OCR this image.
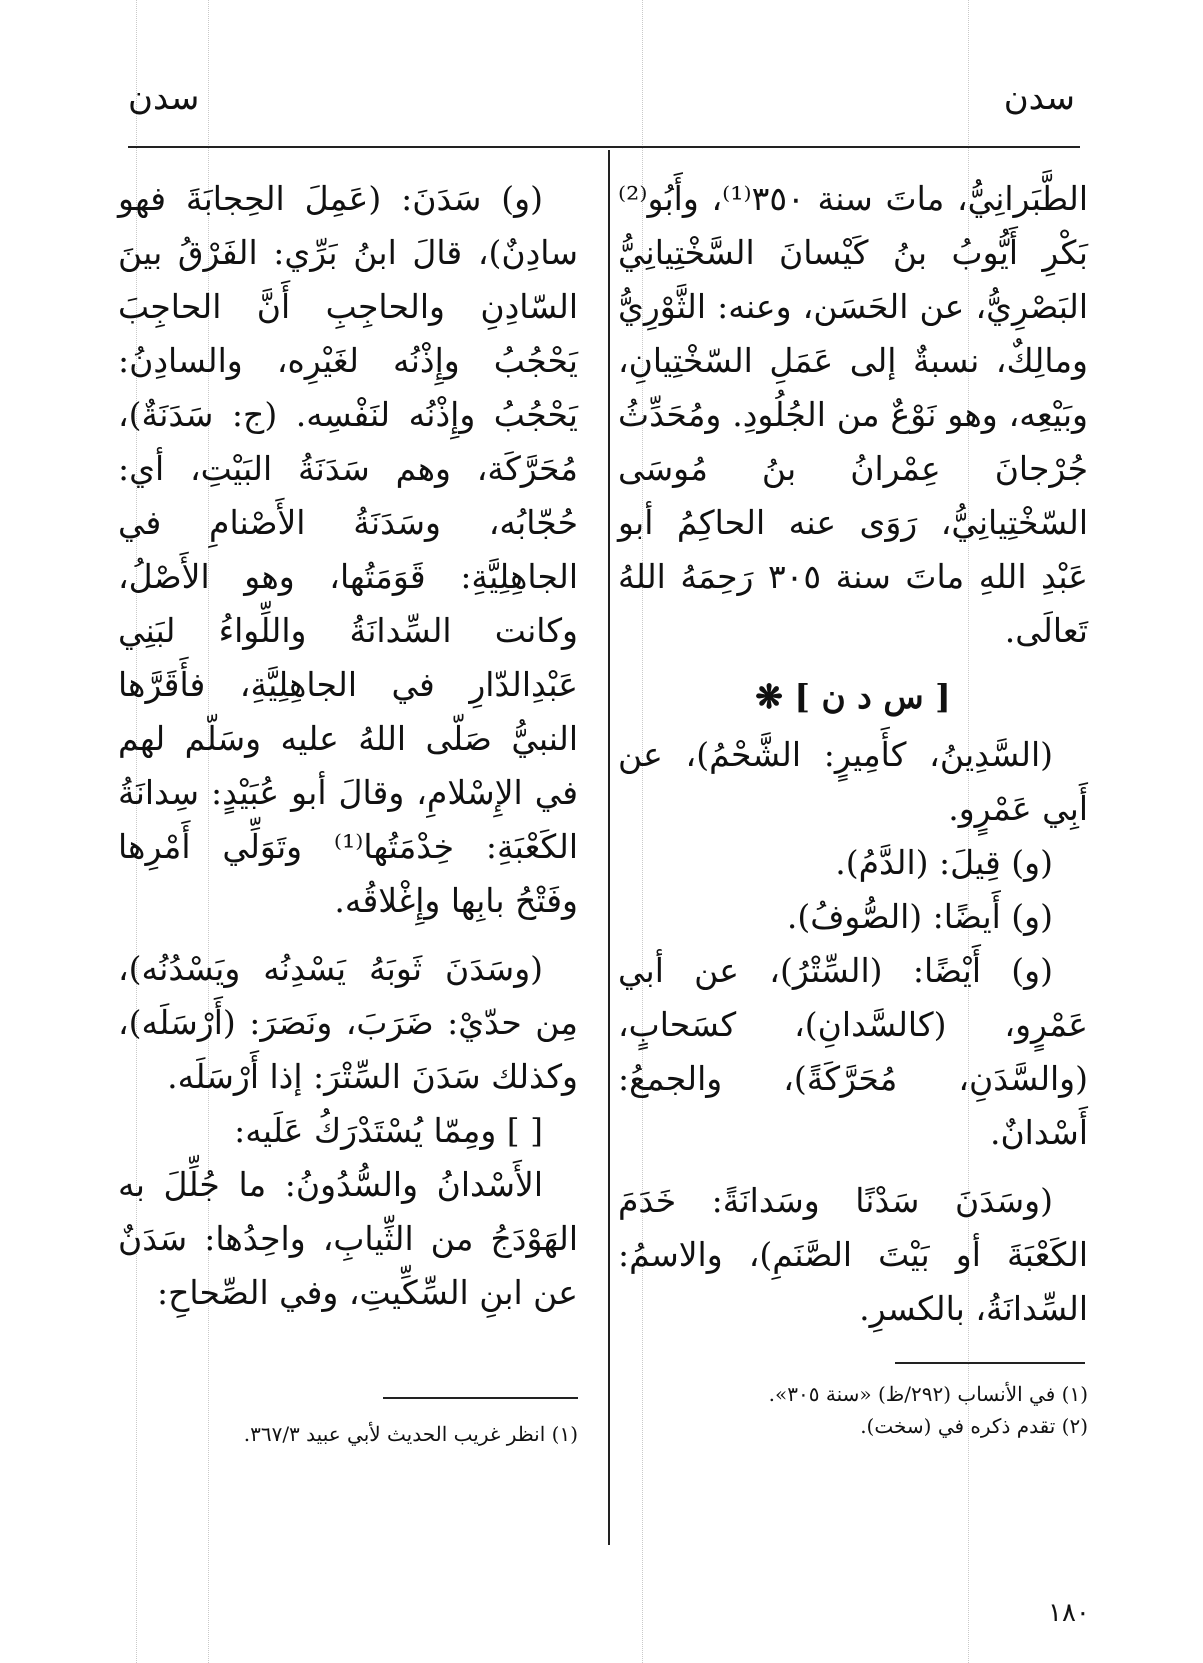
سدن
سدن

الطَّبَرانِيُّ، ماتَ سنة ٣٥٠⁽¹⁾، وأَبُو⁽²⁾ بَكْرِ أَيُّوبُ بنُ كَيْسانَ السَّخْتِيانِيُّ البَصْرِيُّ، عن الحَسَن، وعنه: الثَّوْرِيُّ ومالِكٌ، نسبةٌ إلى عَمَلِ السّخْتِيانِ، وبَيْعِه، وهو نَوْعٌ من الجُلُودِ. ومُحَدِّثُ جُرْجانَ عِمْرانُ بنُ مُوسَى السّخْتِيانِيُّ، رَوَى عنه الحاكِمُ أبو عَبْدِ اللهِ ماتَ سنة ٣٠٥ رَحِمَهُ اللهُ تَعالَى.

[ س د ن ] ❋

(السَّدِينُ، كأَمِيرٍ: الشَّحْمُ)، عن أَبِي عَمْرٍو.

(و) قِيلَ: (الدَّمُ).

(و) أَيضًا: (الصُّوفُ).

(و) أَيْضًا: (السِّتْرُ)، عن أبي عَمْرٍو، (كالسَّدانِ)، كسَحابٍ، (والسَّدَنِ، مُحَرَّكَةً)، والجمعُ: أَسْدانٌ.

(وسَدَنَ سَدْنًا وسَدانَةً: خَدَمَ الكَعْبَةَ أو بَيْتَ الصَّنَمِ)، والاسمُ: السِّدانَةُ، بالكسرِ.

(١) في الأنساب (٢٩٢/ظ) «سنة ٣٠٥».
(٢) تقدم ذكره في (سخت).

(و) سَدَنَ: (عَمِلَ الحِجابَةَ فهو سادِنٌ)، قالَ ابنُ بَرِّي: الفَرْقُ بينَ السّادِنِ والحاجِبِ أَنَّ الحاجِبَ يَحْجُبُ وإِذْنُه لغَيْرِه، والسادِنُ: يَحْجُبُ وإِذْنُه لنَفْسِه. (ج: سَدَنَةٌ)، مُحَرَّكَة، وهم سَدَنَةُ البَيْتِ، أي: حُجّابُه، وسَدَنَةُ الأَصْنامِ في الجاهِلِيَّةِ: قَوَمَتُها، وهو الأَصْلُ، وكانت السِّدانَةُ واللِّواءُ لبَنِي عَبْدِالدّارِ في الجاهِلِيَّةِ، فأَقَرَّها النبيُّ صَلّى اللهُ عليه وسَلّم لهم في الإِسْلامِ، وقالَ أبو عُبَيْدٍ: سِدانَةُ الكَعْبَةِ: خِدْمَتُها⁽¹⁾ وتَوَلِّي أَمْرِها وفَتْحُ بابِها وإِغْلاقُه.

(وسَدَنَ ثَوبَهُ يَسْدِنُه ويَسْدُنُه)، مِن حدّيْ: ضَرَبَ، ونَصَرَ: (أَرْسَلَه)، وكذلك سَدَنَ السِّتْرَ: إذا أَرْسَلَه.

[ ] ومِمّا يُسْتَدْرَكُ عَلَيه:

الأَسْدانُ والسُّدُونُ: ما جُلِّلَ به الهَوْدَجُ من الثِّيابِ، واحِدُها: سَدَنٌ عن ابنِ السِّكِّيتِ، وفي الصِّحاحِ:

(١) انظر غريب الحديث لأبي عبيد ٣٦٧/٣.
١٨٠
